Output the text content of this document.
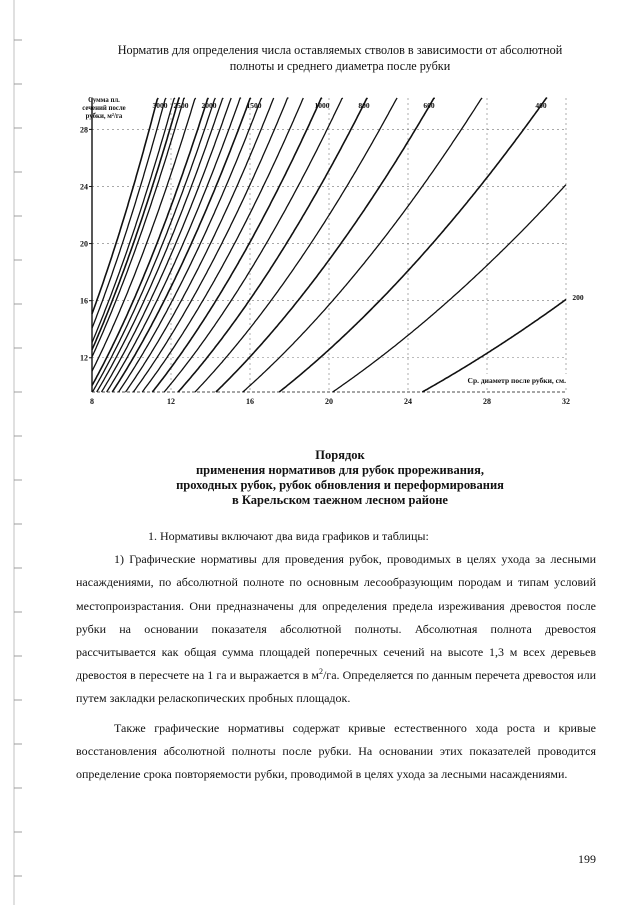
Норматив для определения числа оставляемых стволов в зависимости от абсолютной
полноты и среднего диаметра после рубки
3000 2500 2000	1500	1000	800	600	400
200
8	12	16	20	24	28	32
12
16
20
24
28
Сумма пл.
сечений после
рубки, м²/га
Ср. диаметр после рубки, см.
Порядок
применения нормативов для рубок прореживания,
проходных рубок, рубок обновления и переформирования
в Карельском таежном лесном районе

1. Нормативы включают два вида графиков и таблицы:

1) Графические нормативы для проведения рубок, проводимых в целях ухода за лесными насаждениями, по абсолютной полноте по основным лесообразующим породам и типам условий местопроизрастания. Они предназначены для определения предела изреживания древостоя после рубки на основании показателя абсолютной полноты. Абсолютная полнота древостоя рассчитывается как общая сумма площадей поперечных сечений на высоте 1,3 м всех деревьев древостоя в пересчете на 1 га и выражается в $м^2/га$. Определяется по данным перечета древостоя или путем закладки реласкопических пробных площадок.

Также графические нормативы содержат кривые естественного хода роста и кривые восстановления абсолютной полноты после рубки. На основании этих показателей проводится определение срока повторяемости рубки, проводимой в целях ухода за лесными насаждениями.

199
